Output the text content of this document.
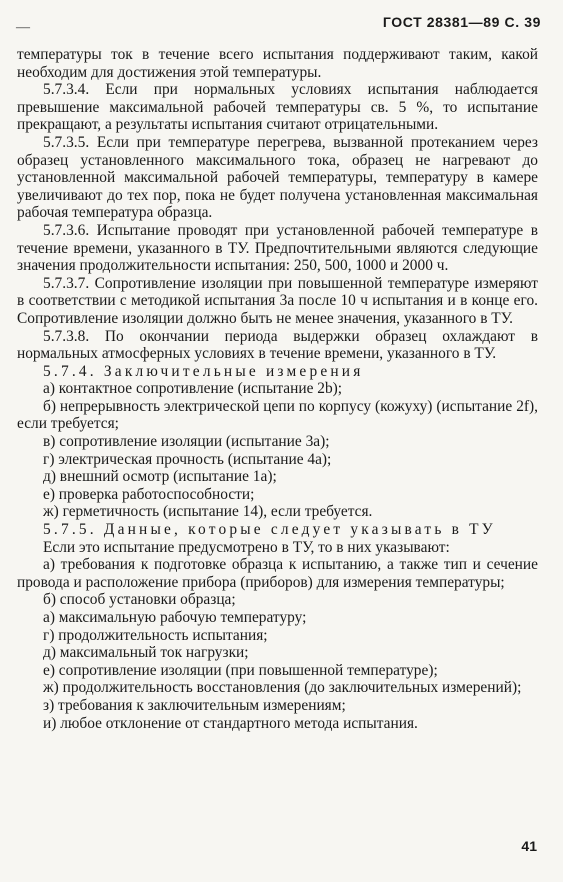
—	ГОСТ 28381—89 С. 39

температуры ток в течение всего испытания поддерживают таким, какой необходим для достижения этой температуры.

5.7.3.4. Если при нормальных условиях испытания наблюдается превышение максимальной рабочей температуры св. 5 %, то испытание прекращают, а результаты испытания считают отрицательными.

5.7.3.5. Если при температуре перегрева, вызванной протеканием через образец установленного максимального тока, образец не нагревают до установленной максимальной рабочей температуры, температуру в камере увеличивают до тех пор, пока не будет получена установленная максимальная рабочая температура образца.

5.7.3.6. Испытание проводят при установленной рабочей температуре в течение времени, указанного в ТУ. Предпочтительными являются следующие значения продолжительности испытания: 250, 500, 1000 и 2000 ч.

5.7.3.7. Сопротивление изоляции при повышенной температуре измеряют в соответствии с методикой испытания 3а после 10 ч испытания и в конце его. Сопротивление изоляции должно быть не менее значения, указанного в ТУ.

5.7.3.8. По окончании периода выдержки образец охлаждают в нормальных атмосферных условиях в течение времени, указанного в ТУ.

5.7.4. Заключительные измерения

а) контактное сопротивление (испытание 2b);

б) непрерывность электрической цепи по корпусу (кожуху) (испытание 2f), если требуется;

в) сопротивление изоляции (испытание 3a);

г) электрическая прочность (испытание 4a);

д) внешний осмотр (испытание 1a);

е) проверка работоспособности;

ж) герметичность (испытание 14), если требуется.

5.7.5. Данные, которые следует указывать в ТУ

Если это испытание предусмотрено в ТУ, то в них указывают:

а) требования к подготовке образца к испытанию, а также тип и сечение провода и расположение прибора (приборов) для измерения температуры;

б) способ установки образца;

а) максимальную рабочую температуру;

г) продолжительность испытания;

д) максимальный ток нагрузки;

е) сопротивление изоляции (при повышенной температуре);

ж) продолжительность восстановления (до заключительных измерений);

з) требования к заключительным измерениям;

и) любое отклонение от стандартного метода испытания.

41
